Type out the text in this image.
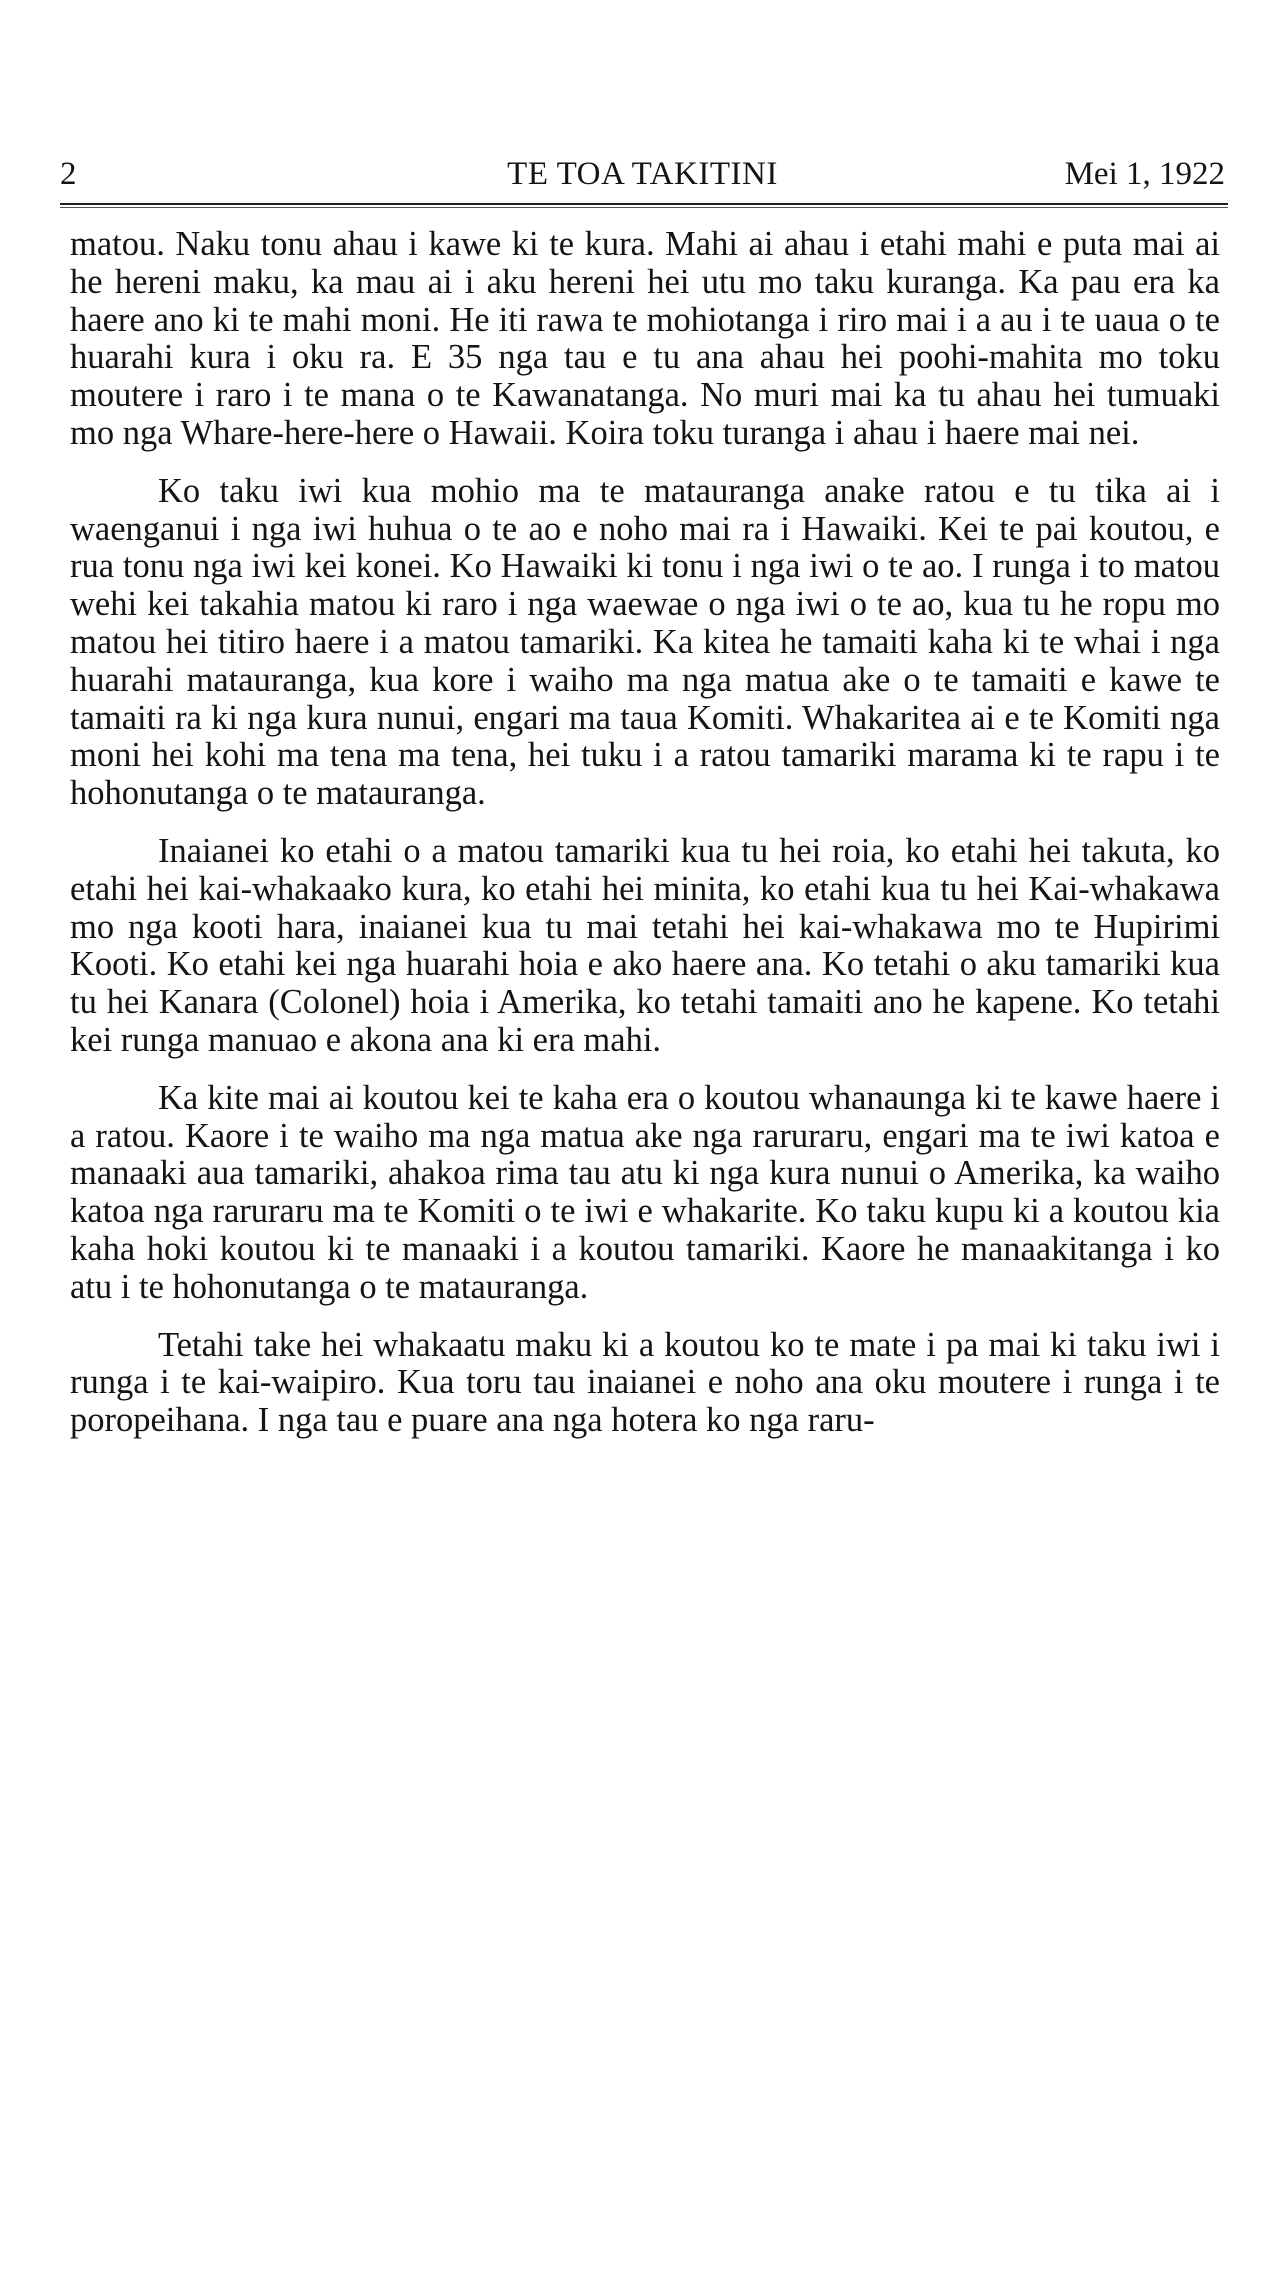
2	TE TOA TAKITINI	Mei 1, 1922

matou. Naku tonu ahau i kawe ki te kura. Mahi ai ahau i etahi mahi e puta mai ai he hereni maku, ka mau ai i aku hereni hei utu mo taku kuranga. Ka pau era ka haere ano ki te mahi moni. He iti rawa te mohiotanga i riro mai i a au i te uaua o te huarahi kura i oku ra. E 35 nga tau e tu ana ahau hei poohi-mahita mo toku moutere i raro i te mana o te Kawanatanga. No muri mai ka tu ahau hei tumuaki mo nga Whare-here-here o Hawaii. Koira toku turanga i ahau i haere mai nei.

Ko taku iwi kua mohio ma te matauranga anake ratou e tu tika ai i waenganui i nga iwi huhua o te ao e noho mai ra i Hawaiki. Kei te pai koutou, e rua tonu nga iwi kei konei. Ko Hawaiki ki tonu i nga iwi o te ao. I runga i to matou wehi kei takahia matou ki raro i nga waewae o nga iwi o te ao, kua tu he ropu mo matou hei titiro haere i a matou tamariki. Ka kitea he tamaiti kaha ki te whai i nga huarahi matauranga, kua kore i waiho ma nga matua ake o te tamaiti e kawe te tamaiti ra ki nga kura nunui, engari ma taua Komiti. Whakaritea ai e te Komiti nga moni hei kohi ma tena ma tena, hei tuku i a ratou tamariki marama ki te rapu i te hohonutanga o te matauranga.

Inaianei ko etahi o a matou tamariki kua tu hei roia, ko etahi hei takuta, ko etahi hei kai-whakaako kura, ko etahi hei minita, ko etahi kua tu hei Kai-whakawa mo nga kooti hara, inaianei kua tu mai tetahi hei kai-whakawa mo te Hupirimi Kooti. Ko etahi kei nga huarahi hoia e ako haere ana. Ko tetahi o aku tamariki kua tu hei Kanara (Colonel) hoia i Amerika, ko tetahi tamaiti ano he kapene. Ko tetahi kei runga manuao e akona ana ki era mahi.

Ka kite mai ai koutou kei te kaha era o koutou whanaunga ki te kawe haere i a ratou. Kaore i te waiho ma nga matua ake nga raruraru, engari ma te iwi katoa e manaaki aua tamariki, ahakoa rima tau atu ki nga kura nunui o Amerika, ka waiho katoa nga raruraru ma te Komiti o te iwi e whakarite. Ko taku kupu ki a koutou kia kaha hoki koutou ki te manaaki i a koutou tamariki. Kaore he manaakitanga i ko atu i te hohonutanga o te matauranga.

Tetahi take hei whakaatu maku ki a koutou ko te mate i pa mai ki taku iwi i runga i te kai-waipiro. Kua toru tau inaianei e noho ana oku moutere i runga i te poropeihana. I nga tau e puare ana nga hotera ko nga raru-
